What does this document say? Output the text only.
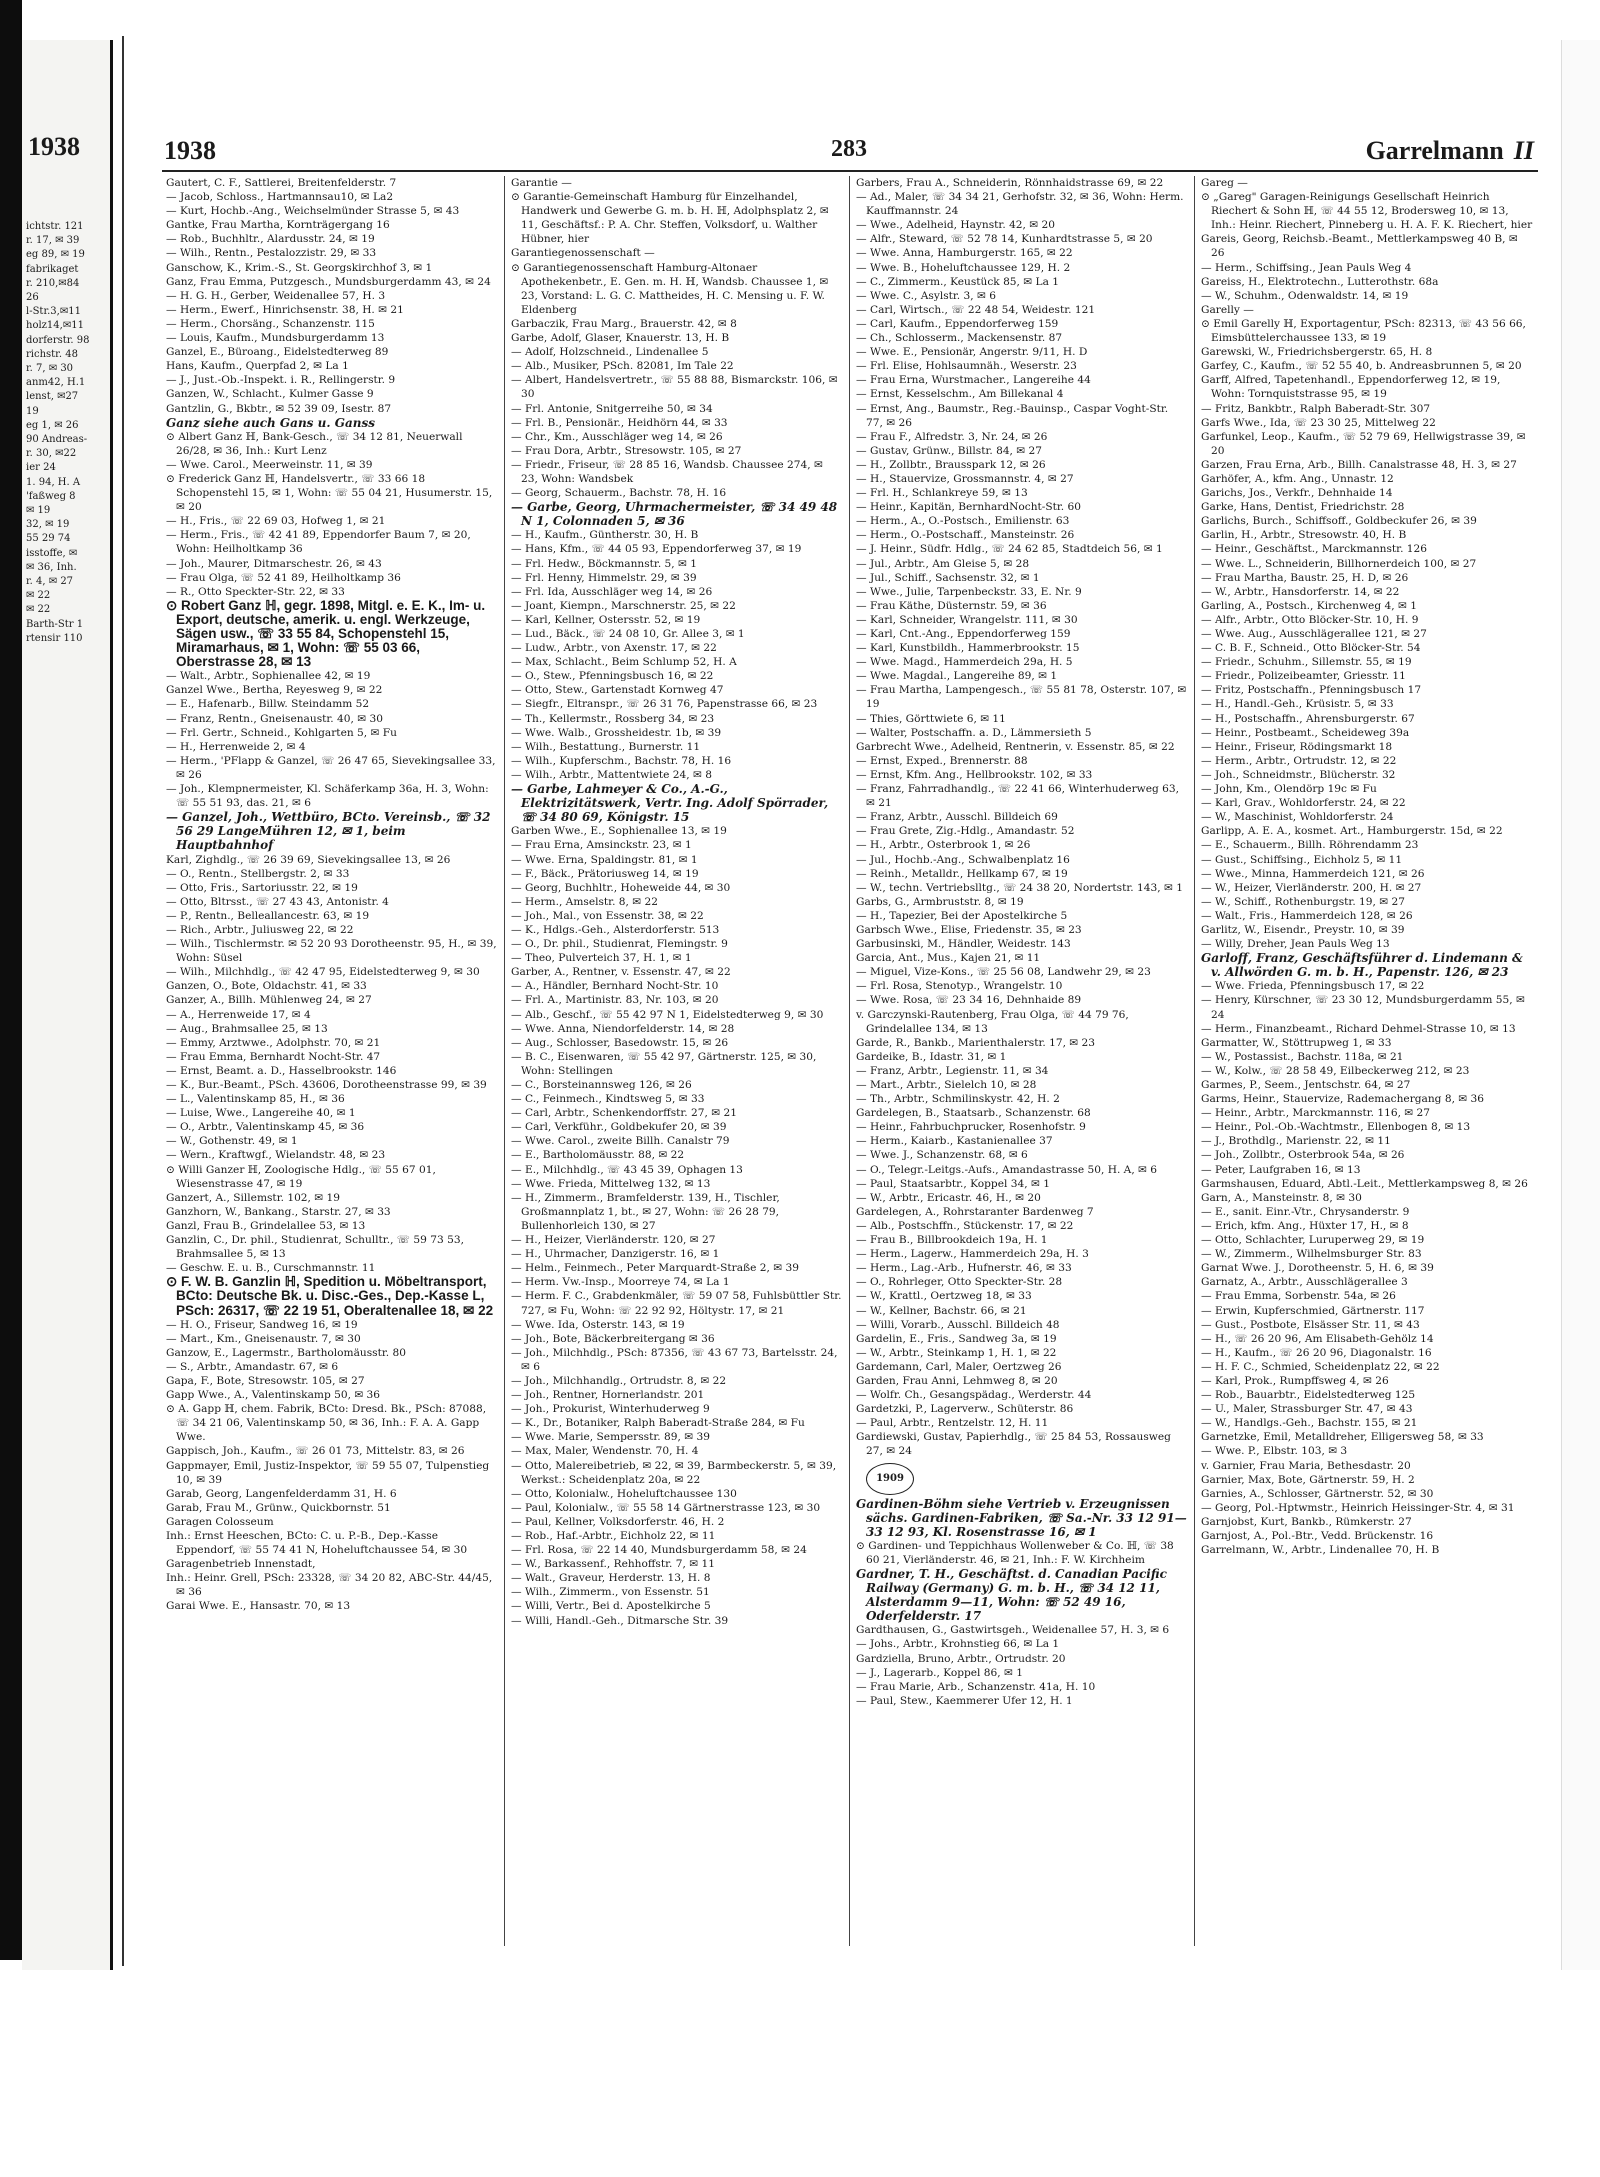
1938
ichtstr. 121
r. 17, ✉ 39
eg 89, ✉ 19
fabrikaget
r. 210,✉84
26
l-Str.3,✉11
holz14,✉11
dorferstr. 98
richstr. 48
r. 7, ✉ 30
anm42, H.1
lenst, ✉27
19
eg 1, ✉ 26
90 Andreas-
r. 30, ✉22
ier 24
1. 94, H. A
'faßweg 8
✉ 19
32, ✉ 19
55 29 74
isstoffe, ✉
✉ 36, Inh.
r. 4, ✉ 27
✉ 22
✉ 22
Barth-Str 1
rtensir 110
1938	283	Garrelmann II

Gautert, C. F., Sattlerei, Breitenfelderstr. 7

— Jacob, Schloss., Hartmannsau10, ✉ La2

— Kurt, Hochb.-Ang., Weichselmünder Strasse 5, ✉ 43

Gantke, Frau Martha, Kornträgergang 16

— Rob., Buchhltr., Alardusstr. 24, ✉ 19

— Wilh., Rentn., Pestalozzistr. 29, ✉ 33

Ganschow, K., Krim.-S., St. Georgskirchhof 3, ✉ 1

Ganz, Frau Emma, Putzgesch., Mundsburgerdamm 43, ✉ 24

— H. G. H., Gerber, Weidenallee 57, H. 3

— Herm., Ewerf., Hinrichsenstr. 38, H. ✉ 21

— Herm., Chorsäng., Schanzenstr. 115

— Louis, Kaufm., Mundsburgerdamm 13

Ganzel, E., Büroang., Eidelstedterweg 89

Hans, Kaufm., Querpfad 2, ✉ La 1

— J., Just.-Ob.-Inspekt. i. R., Rellingerstr. 9

Ganzen, W., Schlacht., Kulmer Gasse 9

Gantzlin, G., Bkbtr., ✉ 52 39 09, Isestr. 87

Ganz siehe auch Gans u. Ganss

⊙ Albert Ganz ℍ, Bank-Gesch., ☏ 34 12 81, Neuerwall 26/28, ✉ 36, Inh.: Kurt Lenz

— Wwe. Carol., Meerweinstr. 11, ✉ 39

⊙ Frederick Ganz ℍ, Handelsvertr., ☏ 33 66 18 Schopenstehl 15, ✉ 1, Wohn: ☏ 55 04 21, Husumerstr. 15, ✉ 20

— H., Fris., ☏ 22 69 03, Hofweg 1, ✉ 21

— Herm., Fris., ☏ 42 41 89, Eppendorfer Baum 7, ✉ 20, Wohn: Heilholtkamp 36

— Joh., Maurer, Ditmarschestr. 26, ✉ 43

— Frau Olga, ☏ 52 41 89, Heilholtkamp 36

— R., Otto Speckter-Str. 22, ✉ 33

⊙ Robert Ganz ℍ, gegr. 1898, Mitgl. e. E. K., Im- u. Export, deutsche, amerik. u. engl. Werkzeuge, Sägen usw., ☏ 33 55 84, Schopenstehl 15, Miramarhaus, ✉ 1, Wohn: ☏ 55 03 66, Oberstrasse 28, ✉ 13

— Walt., Arbtr., Sophienallee 42, ✉ 19

Ganzel Wwe., Bertha, Reyesweg 9, ✉ 22

— E., Hafenarb., Billw. Steindamm 52

— Franz, Rentn., Gneisenaustr. 40, ✉ 30

— Frl. Gertr., Schneid., Kohlgarten 5, ✉ Fu

— H., Herrenweide 2, ✉ 4

— Herm., 'PFlapp & Ganzel, ☏ 26 47 65, Sievekingsallee 33, ✉ 26

— Joh., Klempnermeister, Kl. Schäferkamp 36a, H. 3, Wohn: ☏ 55 51 93, das. 21, ✉ 6

— Ganzel, Joh., Wettbüro, BCto. Vereinsb., ☏ 32 56 29 LangeMühren 12, ✉ 1, beim Hauptbahnhof

Karl, Zighdlg., ☏ 26 39 69, Sievekingsallee 13, ✉ 26

— O., Rentn., Stellbergstr. 2, ✉ 33

— Otto, Fris., Sartoriusstr. 22, ✉ 19

— Otto, Bltrsst., ☏ 27 43 43, Antonistr. 4

— P., Rentn., Belleallancestr. 63, ✉ 19

— Rich., Arbtr., Juliusweg 22, ✉ 22

— Wilh., Tischlermstr. ✉ 52 20 93 Dorotheenstr. 95, H., ✉ 39, Wohn: Süsel

— Wilh., Milchhdlg., ☏ 42 47 95, Eidelstedterweg 9, ✉ 30

Ganzen, O., Bote, Oldachstr. 41, ✉ 33

Ganzer, A., Billh. Mühlenweg 24, ✉ 27

— A., Herrenweide 17, ✉ 4

— Aug., Brahmsallee 25, ✉ 13

— Emmy, Arztwwe., Adolphstr. 70, ✉ 21

— Frau Emma, Bernhardt Nocht-Str. 47

— Ernst, Beamt. a. D., Hasselbrookstr. 146

— K., Bur.-Beamt., PSch. 43606, Dorotheenstrasse 99, ✉ 39

— L., Valentinskamp 85, H., ✉ 36

— Luise, Wwe., Langereihe 40, ✉ 1

— O., Arbtr., Valentinskamp 45, ✉ 36

— W., Gothenstr. 49, ✉ 1

— Wern., Kraftwgf., Wielandstr. 48, ✉ 23

⊙ Willi Ganzer ℍ, Zoologische Hdlg., ☏ 55 67 01, Wiesenstrasse 47, ✉ 19

Ganzert, A., Sillemstr. 102, ✉ 19

Ganzhorn, W., Bankang., Starstr. 27, ✉ 33

Ganzl, Frau B., Grindelallee 53, ✉ 13

Ganzlin, C., Dr. phil., Studienrat, Schulltr., ☏ 59 73 53, Brahmsallee 5, ✉ 13

— Geschw. E. u. B., Curschmannstr. 11

⊙ F. W. B. Ganzlin ℍ, Spedition u. Möbeltransport, BCto: Deutsche Bk. u. Disc.-Ges., Dep.-Kasse L, PSch: 26317, ☏ 22 19 51, Oberaltenallee 18, ✉ 22

— H. O., Friseur, Sandweg 16, ✉ 19

— Mart., Km., Gneisenaustr. 7, ✉ 30

Ganzow, E., Lagermstr., Bartholomäusstr. 80

— S., Arbtr., Amandastr. 67, ✉ 6

Gapa, F., Bote, Stresowstr. 105, ✉ 27

Gapp Wwe., A., Valentinskamp 50, ✉ 36

⊙ A. Gapp ℍ, chem. Fabrik, BCto: Dresd. Bk., PSch: 87088, ☏ 34 21 06, Valentinskamp 50, ✉ 36, Inh.: F. A. A. Gapp Wwe.

Gappisch, Joh., Kaufm., ☏ 26 01 73, Mittelstr. 83, ✉ 26

Gappmayer, Emil, Justiz-Inspektor, ☏ 59 55 07, Tulpenstieg 10, ✉ 39

Garab, Georg, Langenfelderdamm 31, H. 6

Garab, Frau M., Grünw., Quickbornstr. 51

Garagen Colosseum

Inh.: Ernst Heeschen, BCto: C. u. P.-B., Dep.-Kasse Eppendorf, ☏ 55 74 41 N, Hoheluftchaussee 54, ✉ 30

Garagenbetrieb Innenstadt,

Inh.: Heinr. Grell, PSch: 23328, ☏ 34 20 82, ABC-Str. 44/45, ✉ 36

Garai Wwe. E., Hansastr. 70, ✉ 13

Garantie —

⊙ Garantie-Gemeinschaft Hamburg für Einzelhandel, Handwerk und Gewerbe G. m. b. H. ℍ, Adolphsplatz 2, ✉ 11, Geschäftsf.: P. A. Chr. Steffen, Volksdorf, u. Walther Hübner, hier

Garantiegenossenschaft —

⊙ Garantiegenossenschaft Hamburg-Altonaer Apothekenbetr., E. Gen. m. H. ℍ, Wandsb. Chaussee 1, ✉ 23, Vorstand: L. G. C. Mattheides, H. C. Mensing u. F. W. Eldenberg

Garbaczik, Frau Marg., Brauerstr. 42, ✉ 8

Garbe, Adolf, Glaser, Knauerstr. 13, H. B

— Adolf, Holzschneid., Lindenallee 5

— Alb., Musiker, PSch. 82081, Im Tale 22

— Albert, Handelsvertretr., ☏ 55 88 88, Bismarckstr. 106, ✉ 30

— Frl. Antonie, Snitgerreihe 50, ✉ 34

— Frl. B., Pensionär., Heidhörn 44, ✉ 33

— Chr., Km., Ausschläger weg 14, ✉ 26

— Frau Dora, Arbtr., Stresowstr. 105, ✉ 27

— Friedr., Friseur, ☏ 28 85 16, Wandsb. Chaussee 274, ✉ 23, Wohn: Wandsbek

— Georg, Schauerm., Bachstr. 78, H. 16

— Garbe, Georg, Uhrmachermeister, ☏ 34 49 48 N 1, Colonnaden 5, ✉ 36

— H., Kaufm., Güntherstr. 30, H. B

— Hans, Kfm., ☏ 44 05 93, Eppendorferweg 37, ✉ 19

— Frl. Hedw., Böckmannstr. 5, ✉ 1

— Frl. Henny, Himmelstr. 29, ✉ 39

— Frl. Ida, Ausschläger weg 14, ✉ 26

— Joant, Kiempn., Marschnerstr. 25, ✉ 22

— Karl, Kellner, Ostersstr. 52, ✉ 19

— Lud., Bäck., ☏ 24 08 10, Gr. Allee 3, ✉ 1

— Ludw., Arbtr., von Axenstr. 17, ✉ 22

— Max, Schlacht., Beim Schlump 52, H. A

— O., Stew., Pfenningsbusch 16, ✉ 22

— Otto, Stew., Gartenstadt Kornweg 47

— Siegfr., Eltranspr., ☏ 26 31 76, Papenstrasse 66, ✉ 23

— Th., Kellermstr., Rossberg 34, ✉ 23

— Wwe. Walb., Grossheidestr. 1b, ✉ 39

— Wilh., Bestattung., Burnerstr. 11

— Wilh., Kupferschm., Bachstr. 78, H. 16

— Wilh., Arbtr., Mattentwiete 24, ✉ 8

— Garbe, Lahmeyer & Co., A.-G., Elektrizitätswerk, Vertr. Ing. Adolf Spörrader, ☏ 34 80 69, Königstr. 15

Garben Wwe., E., Sophienallee 13, ✉ 19

— Frau Erna, Amsinckstr. 23, ✉ 1

— Wwe. Erna, Spaldingstr. 81, ✉ 1

— F., Bäck., Prätoriusweg 14, ✉ 19

— Georg, Buchhltr., Hoheweide 44, ✉ 30

— Herm., Amselstr. 8, ✉ 22

— Joh., Mal., von Essenstr. 38, ✉ 22

— K., Hdlgs.-Geh., Alsterdorferstr. 513

— O., Dr. phil., Studienrat, Flemingstr. 9

— Theo, Pulverteich 37, H. 1, ✉ 1

Garber, A., Rentner, v. Essenstr. 47, ✉ 22

— A., Händler, Bernhard Nocht-Str. 10

— Frl. A., Martinistr. 83, Nr. 103, ✉ 20

— Alb., Geschf., ☏ 55 42 97 N 1, Eidelstedterweg 9, ✉ 30

— Wwe. Anna, Niendorfelderstr. 14, ✉ 28

— Aug., Schlosser, Basedowstr. 15, ✉ 26

— B. C., Eisenwaren, ☏ 55 42 97, Gärtnerstr. 125, ✉ 30, Wohn: Stellingen

— C., Borsteinannsweg 126, ✉ 26

— C., Feinmech., Kindtsweg 5, ✉ 33

— Carl, Arbtr., Schenkendorffstr. 27, ✉ 21

— Carl, Verkführ., Goldbekufer 20, ✉ 39

— Wwe. Carol., zweite Billh. Canalstr 79

— E., Bartholomäusstr. 88, ✉ 22

— E., Milchhdlg., ☏ 43 45 39, Ophagen 13

— Wwe. Frieda, Mittelweg 132, ✉ 13

— H., Zimmerm., Bramfelderstr. 139, H., Tischler, Großmannplatz 1, bt., ✉ 27, Wohn: ☏ 26 28 79, Bullenhorleich 130, ✉ 27

— H., Heizer, Vierländerstr. 120, ✉ 27

— H., Uhrmacher, Danzigerstr. 16, ✉ 1

— Helm., Feinmech., Peter Marquardt-Straße 2, ✉ 39

— Herm. Vw.-Insp., Moorreye 74, ✉ La 1

— Herm. F. C., Grabdenkmäler, ☏ 59 07 58, Fuhlsbüttler Str. 727, ✉ Fu, Wohn: ☏ 22 92 92, Höltystr. 17, ✉ 21

— Wwe. Ida, Osterstr. 143, ✉ 19

— Joh., Bote, Bäckerbreitergang ✉ 36

— Joh., Milchhdlg., PSch: 87356, ☏ 43 67 73, Bartelsstr. 24, ✉ 6

— Joh., Milchhandlg., Ortrudstr. 8, ✉ 22

— Joh., Rentner, Hornerlandstr. 201

— Joh., Prokurist, Winterhuderweg 9

— K., Dr., Botaniker, Ralph Baberadt-Straße 284, ✉ Fu

— Wwe. Marie, Sempersstr. 89, ✉ 39

— Max, Maler, Wendenstr. 70, H. 4

— Otto, Malereibetrieb, ✉ 22, ✉ 39, Barmbeckerstr. 5, ✉ 39, Werkst.: Scheidenplatz 20a, ✉ 22

— Otto, Kolonialw., Hoheluftchaussee 130

— Paul, Kolonialw., ☏ 55 58 14 Gärtnerstrasse 123, ✉ 30

— Paul, Kellner, Volksdorferstr. 46, H. 2

— Rob., Haf.-Arbtr., Eichholz 22, ✉ 11

— Frl. Rosa, ☏ 22 14 40, Mundsburgerdamm 58, ✉ 24

— W., Barkassenf., Rehhoffstr. 7, ✉ 11

— Walt., Graveur, Herderstr. 13, H. 8

— Wilh., Zimmerm., von Essenstr. 51

— Willi, Vertr., Bei d. Apostelkirche 5

— Willi, Handl.-Geh., Ditmarsche Str. 39

Garbers, Frau A., Schneiderin, Rönnhaidstrasse 69, ✉ 22

— Ad., Maler, ☏ 34 34 21, Gerhofstr. 32, ✉ 36, Wohn: Herm. Kauffmannstr. 24

— Wwe., Adelheid, Haynstr. 42, ✉ 20

— Alfr., Steward, ☏ 52 78 14, Kunhardtstrasse 5, ✉ 20

— Wwe. Anna, Hamburgerstr. 165, ✉ 22

— Wwe. B., Hoheluftchaussee 129, H. 2

— C., Zimmerm., Keustück 85, ✉ La 1

— Wwe. C., Asylstr. 3, ✉ 6

— Carl, Wirtsch., ☏ 22 48 54, Weidestr. 121

— Carl, Kaufm., Eppendorferweg 159

— Ch., Schlosserm., Mackensenstr. 87

— Wwe. E., Pensionär, Angerstr. 9/11, H. D

— Frl. Elise, Hohlsaumnäh., Weserstr. 23

— Frau Erna, Wurstmacher., Langereihe 44

— Ernst, Kesselschm., Am Billekanal 4

— Ernst, Ang., Baumstr., Reg.-Bauinsp., Caspar Voght-Str. 77, ✉ 26

— Frau F., Alfredstr. 3, Nr. 24, ✉ 26

— Gustav, Grünw., Billstr. 84, ✉ 27

— H., Zollbtr., Brausspark 12, ✉ 26

— H., Stauervize, Grossmannstr. 4, ✉ 27

— Frl. H., Schlankreye 59, ✉ 13

— Heinr., Kapitän, BernhardNocht-Str. 60

— Herm., A., O.-Postsch., Emilienstr. 63

— Herm., O.-Postschaff., Mansteinstr. 26

— J. Heinr., Südfr. Hdlg., ☏ 24 62 85, Stadtdeich 56, ✉ 1

— Jul., Arbtr., Am Gleise 5, ✉ 28

— Jul., Schiff., Sachsenstr. 32, ✉ 1

— Wwe., Julie, Tarpenbeckstr. 33, E. Nr. 9

— Frau Käthe, Düsternstr. 59, ✉ 36

— Karl, Schneider, Wrangelstr. 111, ✉ 30

— Karl, Cnt.-Ang., Eppendorferweg 159

— Karl, Kunstbildh., Hammerbrookstr. 15

— Wwe. Magd., Hammerdeich 29a, H. 5

— Wwe. Magdal., Langereihe 89, ✉ 1

— Frau Martha, Lampengesch., ☏ 55 81 78, Osterstr. 107, ✉ 19

— Thies, Görttwiete 6, ✉ 11

— Walter, Postschaffn. a. D., Lämmersieth 5

Garbrecht Wwe., Adelheid, Rentnerin, v. Essenstr. 85, ✉ 22

— Ernst, Exped., Brennerstr. 88

— Ernst, Kfm. Ang., Hellbrookstr. 102, ✉ 33

— Franz, Fahrradhandlg., ☏ 22 41 66, Winterhuderweg 63, ✉ 21

— Franz, Arbtr., Ausschl. Billdeich 69

— Frau Grete, Zig.-Hdlg., Amandastr. 52

— H., Arbtr., Osterbrook 1, ✉ 26

— Jul., Hochb.-Ang., Schwalbenplatz 16

— Reinh., Metalldr., Hellkamp 67, ✉ 19

— W., techn. Vertriebslltg., ☏ 24 38 20, Nordertstr. 143, ✉ 1

Garbs, G., Armbruststr. 8, ✉ 19

— H., Tapezier, Bei der Apostelkirche 5

Garbsch Wwe., Elise, Friedenstr. 35, ✉ 23

Garbusinski, M., Händler, Weidestr. 143

Garcia, Ant., Mus., Kajen 21, ✉ 11

— Miguel, Vize-Kons., ☏ 25 56 08, Landwehr 29, ✉ 23

— Frl. Rosa, Stenotyp., Wrangelstr. 10

— Wwe. Rosa, ☏ 23 34 16, Dehnhaide 89

v. Garczynski-Rautenberg, Frau Olga, ☏ 44 79 76, Grindelallee 134, ✉ 13

Garde, R., Bankb., Marienthalerstr. 17, ✉ 23

Gardeike, B., Idastr. 31, ✉ 1

— Franz, Arbtr., Legienstr. 11, ✉ 34

— Mart., Arbtr., Sielelch 10, ✉ 28

— Th., Arbtr., Schmilinskystr. 42, H. 2

Gardelegen, B., Staatsarb., Schanzenstr. 68

— Heinr., Fahrbuchprucker, Rosenhofstr. 9

— Herm., Kaiarb., Kastanienallee 37

— Wwe. J., Schanzenstr. 68, ✉ 6

— O., Telegr.-Leitgs.-Aufs., Amandastrasse 50, H. A, ✉ 6

— Paul, Staatsarbtr., Koppel 34, ✉ 1

— W., Arbtr., Ericastr. 46, H., ✉ 20

Gardelegen, A., Rohrstaranter Bardenweg 7

— Alb., Postschffn., Stückenstr. 17, ✉ 22

— Frau B., Billbrookdeich 19a, H. 1

— Herm., Lagerw., Hammerdeich 29a, H. 3

— Herm., Lag.-Arb., Hufnerstr. 46, ✉ 33

— O., Rohrleger, Otto Speckter-Str. 28

— W., Krattl., Oertzweg 18, ✉ 33

— W., Kellner, Bachstr. 66, ✉ 21

— Willi, Vorarb., Ausschl. Billdeich 48

Gardelin, E., Fris., Sandweg 3a, ✉ 19

— W., Arbtr., Steinkamp 1, H. 1, ✉ 22

Gardemann, Carl, Maler, Oertzweg 26

Garden, Frau Anni, Lehmweg 8, ✉ 20

— Wolfr. Ch., Gesangspädag., Werderstr. 44

Gardetzki, P., Lagerverw., Schüterstr. 86

— Paul, Arbtr., Rentzelstr. 12, H. 11

Gardiewski, Gustav, Papierhdlg., ☏ 25 84 53, Rossausweg 27, ✉ 24

1909

Gardinen-Böhm siehe Vertrieb v. Erzeugnissen sächs. Gardinen-Fabriken, ☏ Sa.-Nr. 33 12 91—33 12 93, Kl. Rosenstrasse 16, ✉ 1

⊙ Gardinen- und Teppichhaus Wollenweber & Co. ℍ, ☏ 38 60 21, Vierländerstr. 46, ✉ 21, Inh.: F. W. Kirchheim

Gardner, T. H., Geschäftst. d. Canadian Pacific Railway (Germany) G. m. b. H., ☏ 34 12 11, Alsterdamm 9—11, Wohn: ☏ 52 49 16, Oderfelderstr. 17

Gardthausen, G., Gastwirtsgeh., Weidenallee 57, H. 3, ✉ 6

— Johs., Arbtr., Krohnstieg 66, ✉ La 1

Gardziella, Bruno, Arbtr., Ortrudstr. 20

— J., Lagerarb., Koppel 86, ✉ 1

— Frau Marie, Arb., Schanzenstr. 41a, H. 10

— Paul, Stew., Kaemmerer Ufer 12, H. 1

Gareg —

⊙ „Gareg" Garagen-Reinigungs Gesellschaft Heinrich Riechert & Sohn ℍ, ☏ 44 55 12, Brodersweg 10, ✉ 13, Inh.: Heinr. Riechert, Pinneberg u. H. A. F. K. Riechert, hier

Gareis, Georg, Reichsb.-Beamt., Mettlerkampsweg 40 B, ✉ 26

— Herm., Schiffsing., Jean Pauls Weg 4

Gareiss, H., Elektrotechn., Lutterothstr. 68a

— W., Schuhm., Odenwaldstr. 14, ✉ 19

Garelly —

⊙ Emil Garelly ℍ, Exportagentur, PSch: 82313, ☏ 43 56 66, Eimsbüttelerchaussee 133, ✉ 19

Garewski, W., Friedrichsbergerstr. 65, H. 8

Garfey, C., Kaufm., ☏ 52 55 40, b. Andreasbrunnen 5, ✉ 20

Garff, Alfred, Tapetenhandl., Eppendorferweg 12, ✉ 19, Wohn: Tornquiststrasse 95, ✉ 19

— Fritz, Bankbtr., Ralph Baberadt-Str. 307

Garfs Wwe., Ida, ☏ 23 30 25, Mittelweg 22

Garfunkel, Leop., Kaufm., ☏ 52 79 69, Hellwigstrasse 39, ✉ 20

Garzen, Frau Erna, Arb., Billh. Canalstrasse 48, H. 3, ✉ 27

Garhöfer, A., kfm. Ang., Unnastr. 12

Garichs, Jos., Verkfr., Dehnhaide 14

Garke, Hans, Dentist, Friedrichstr. 28

Garlichs, Burch., Schiffsoff., Goldbeckufer 26, ✉ 39

Garlin, H., Arbtr., Stresowstr. 40, H. B

— Heinr., Geschäftst., Marckmannstr. 126

— Wwe. L., Schneiderin, Billhornerdeich 100, ✉ 27

— Frau Martha, Baustr. 25, H. D, ✉ 26

— W., Arbtr., Hansdorferstr. 14, ✉ 22

Garling, A., Postsch., Kirchenweg 4, ✉ 1

— Alfr., Arbtr., Otto Blöcker-Str. 10, H. 9

— Wwe. Aug., Ausschlägerallee 121, ✉ 27

— C. B. F., Schneid., Otto Blöcker-Str. 54

— Friedr., Schuhm., Sillemstr. 55, ✉ 19

— Friedr., Polizeibeamter, Griesstr. 11

— Fritz, Postschaffn., Pfenningsbusch 17

— H., Handl.-Geh., Krüsistr. 5, ✉ 33

— H., Postschaffn., Ahrensburgerstr. 67

— Heinr., Postbeamt., Scheideweg 39a

— Heinr., Friseur, Rödingsmarkt 18

— Herm., Arbtr., Ortrudstr. 12, ✉ 22

— Joh., Schneidmstr., Blücherstr. 32

— John, Km., Olendörp 19c ✉ Fu

— Karl, Grav., Wohldorferstr. 24, ✉ 22

— W., Maschinist, Wohldorferstr. 24

Garlipp, A. E. A., kosmet. Art., Hamburgerstr. 15d, ✉ 22

— E., Schauerm., Billh. Röhrendamm 23

— Gust., Schiffsing., Eichholz 5, ✉ 11

— Wwe., Minna, Hammerdeich 121, ✉ 26

— W., Heizer, Vierländerstr. 200, H. ✉ 27

— W., Schiff., Rothenburgstr. 19, ✉ 27

— Walt., Fris., Hammerdeich 128, ✉ 26

Garlitz, W., Eisendr., Preystr. 10, ✉ 39

— Willy, Dreher, Jean Pauls Weg 13

Garloff, Franz, Geschäftsführer d. Lindemann & v. Allwörden G. m. b. H., Papenstr. 126, ✉ 23

— Wwe. Frieda, Pfenningsbusch 17, ✉ 22

— Henry, Kürschner, ☏ 23 30 12, Mundsburgerdamm 55, ✉ 24

— Herm., Finanzbeamt., Richard Dehmel-Strasse 10, ✉ 13

Garmatter, W., Stöttrupweg 1, ✉ 33

— W., Postassist., Bachstr. 118a, ✉ 21

— W., Kolw., ☏ 28 58 49, Eilbeckerweg 212, ✉ 23

Garmes, P., Seem., Jentschstr. 64, ✉ 27

Garms, Heinr., Stauervize, Rademachergang 8, ✉ 36

— Heinr., Arbtr., Marckmannstr. 116, ✉ 27

— Heinr., Pol.-Ob.-Wachtmstr., Ellenbogen 8, ✉ 13

— J., Brothdlg., Marienstr. 22, ✉ 11

— Joh., Zollbtr., Osterbrook 54a, ✉ 26

— Peter, Laufgraben 16, ✉ 13

Garmshausen, Eduard, Abtl.-Leit., Mettlerkampsweg 8, ✉ 26

Garn, A., Mansteinstr. 8, ✉ 30

— E., sanit. Einr.-Vtr., Chrysanderstr. 9

— Erich, kfm. Ang., Hüxter 17, H., ✉ 8

— Otto, Schlachter, Luruperweg 29, ✉ 19

— W., Zimmerm., Wilhelmsburger Str. 83

Garnat Wwe. J., Dorotheenstr. 5, H. 6, ✉ 39

Garnatz, A., Arbtr., Ausschlägerallee 3

— Frau Emma, Sorbenstr. 54a, ✉ 26

— Erwin, Kupferschmied, Gärtnerstr. 117

— Gust., Postbote, Elsässer Str. 11, ✉ 43

— H., ☏ 26 20 96, Am Elisabeth-Gehölz 14

— H., Kaufm., ☏ 26 20 96, Diagonalstr. 16

— H. F. C., Schmied, Scheidenplatz 22, ✉ 22

— Karl, Prok., Rumpffsweg 4, ✉ 26

— Rob., Bauarbtr., Eidelstedterweg 125

— U., Maler, Strassburger Str. 47, ✉ 43

— W., Handlgs.-Geh., Bachstr. 155, ✉ 21

Garnetzke, Emil, Metalldreher, Elligersweg 58, ✉ 33

— Wwe. P., Elbstr. 103, ✉ 3

v. Garnier, Frau Maria, Bethesdastr. 20

Garnier, Max, Bote, Gärtnerstr. 59, H. 2

Garnies, A., Schlosser, Gärtnerstr. 52, ✉ 30

— Georg, Pol.-Hptwmstr., Heinrich Heissinger-Str. 4, ✉ 31

Garnjobst, Kurt, Bankb., Rümkerstr. 27

Garnjost, A., Pol.-Btr., Vedd. Brückenstr. 16

Garrelmann, W., Arbtr., Lindenallee 70, H. B
